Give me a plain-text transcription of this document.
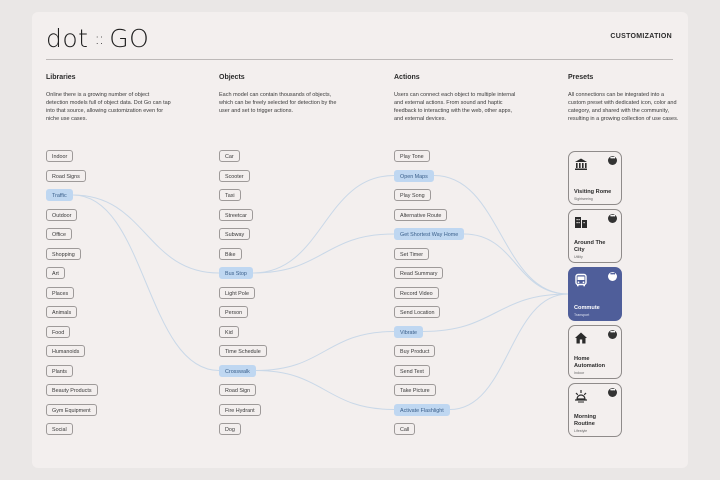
dot :: GO	CUSTOMIZATION
Libraries	Objects	Actions	Presets
Online there is a growing number of object detection models full of object data. Dot Go can tap into that source, allowing customization even for niche use cases.
Each model can contain thousands of objects, which can be freely selected for detection by the user and set to trigger actions.
Users can connect each object to multiple internal and external actions. From sound and haptic feedback to interacting with the web, other apps, and external devices.
All connections can be integrated into a custom preset with dedicated icon, color and category, and shared with the community, resulting in a growing collection of use cases.
Indoor
Road Signs
Traffic
Outdoor
Office
Shopping
Art
Places
Animals
Food
Humanoids
Plants
Beauty Products
Gym Equipment
Social
Car
Scooter
Taxi
Streetcar
Subway
Bike
Bus Stop
Light Pole
Person
Kid
Time Schedule
Crosswalk
Road Sign
Fire Hydrant
Dog
Play Tone
Open Maps
Play Song
Alternative Route
Get Shortest Way Home
Set Timer
Read Summary
Record Video
Send Location
Vibrate
Buy Product
Send Text
Take Picture
Activate Flashlight
Call
•••
Visiting Rome
Sightseeing
•••
Around The City
Utility
•••
Commute
Transport
•••
Home Automation
Indoor
•••
Morning Routine
Lifestyle
